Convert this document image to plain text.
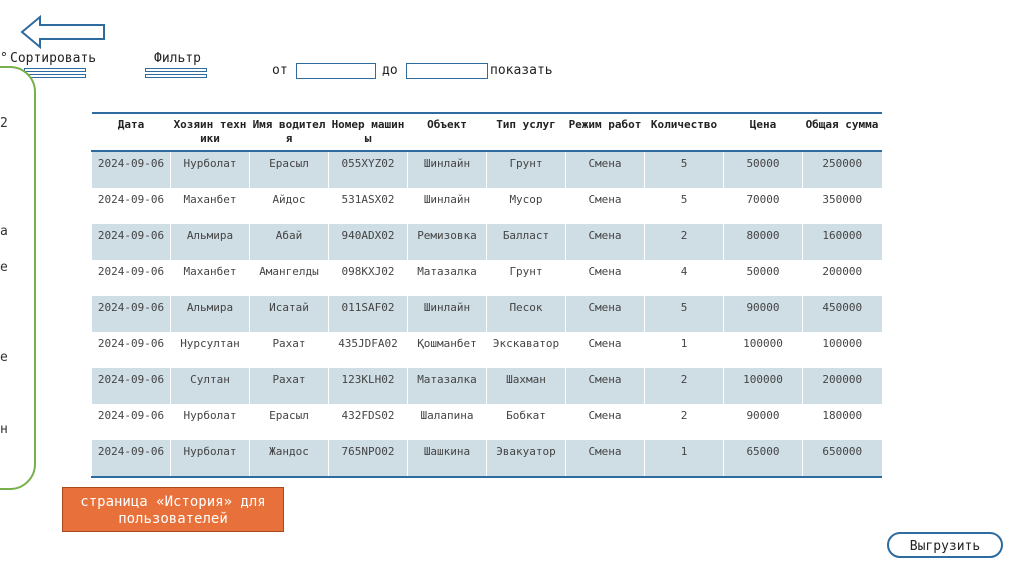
° Сортировать	Фильтр
от	до	показать
2
a
e
e
н
Дата	Хозяин техники	Имя водителя	Номер машины	Объект	Тип услуг	Режим работ	Количество	Цена	Общая сумма
2024-09-06	Нурболат	Ерасыл	055XYZ02	Шинлайн	Грунт	Смена	5	50000	250000
2024-09-06	Маханбет	Айдос	531ASX02	Шинлайн	Мусор	Смена	5	70000	350000
2024-09-06	Альмира	Абай	940ADX02	Ремизовка	Балласт	Смена	2	80000	160000
2024-09-06	Маханбет	Амангелды	098KXJ02	Матазалка	Грунт	Смена	4	50000	200000
2024-09-06	Альмира	Исатай	011SAF02	Шинлайн	Песок	Смена	5	90000	450000
2024-09-06	Нурсултан	Рахат	435JDFA02	Қошманбет	Экскаватор	Смена	1	100000	100000
2024-09-06	Султан	Рахат	123KLH02	Матазалка	Шахман	Смена	2	100000	200000
2024-09-06	Нурболат	Ерасыл	432FDS02	Шалапина	Бобкат	Смена	2	90000	180000
2024-09-06	Нурболат	Жандос	765NPO02	Шашкина	Эвакуатор	Смена	1	65000	650000
страница «История» для пользователей
Выгрузить
